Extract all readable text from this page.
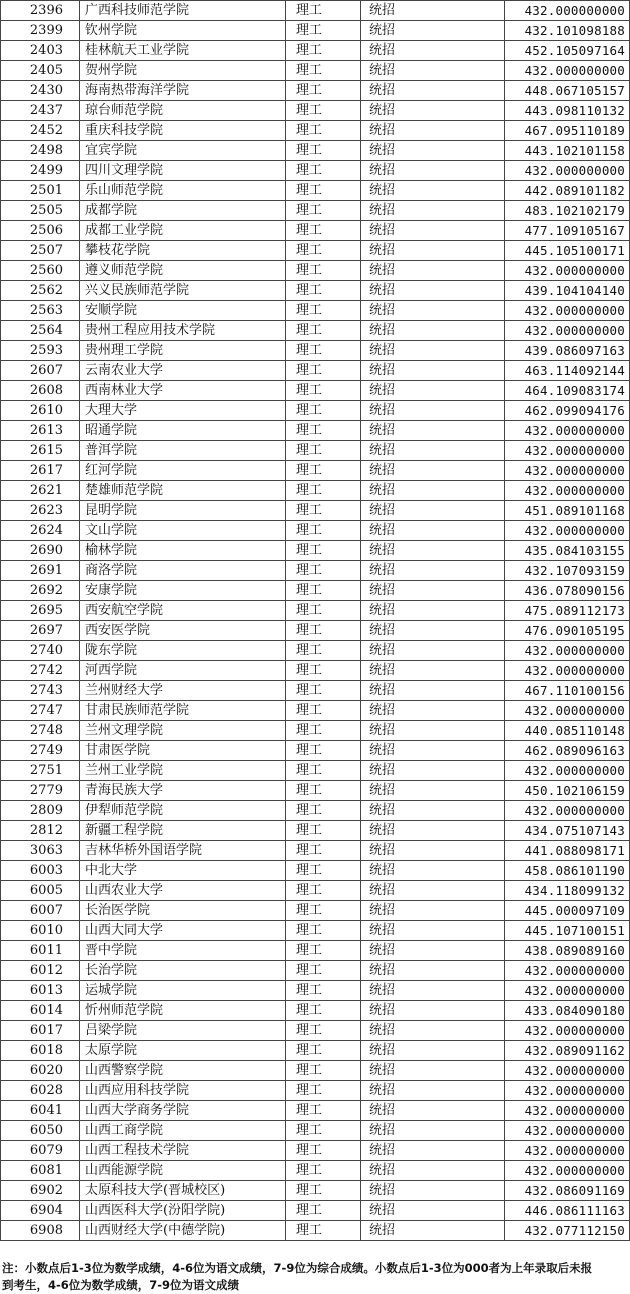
2396	广西科技师范学院	理工	统招	432.000000000
2399	钦州学院	理工	统招	432.101098188
2403	桂林航天工业学院	理工	统招	452.105097164
2405	贺州学院	理工	统招	432.000000000
2430	海南热带海洋学院	理工	统招	448.067105157
2437	琼台师范学院	理工	统招	443.098110132
2452	重庆科技学院	理工	统招	467.095110189
2498	宜宾学院	理工	统招	443.102101158
2499	四川文理学院	理工	统招	432.000000000
2501	乐山师范学院	理工	统招	442.089101182
2505	成都学院	理工	统招	483.102102179
2506	成都工业学院	理工	统招	477.109105167
2507	攀枝花学院	理工	统招	445.105100171
2560	遵义师范学院	理工	统招	432.000000000
2562	兴义民族师范学院	理工	统招	439.104104140
2563	安顺学院	理工	统招	432.000000000
2564	贵州工程应用技术学院	理工	统招	432.000000000
2593	贵州理工学院	理工	统招	439.086097163
2607	云南农业大学	理工	统招	463.114092144
2608	西南林业大学	理工	统招	464.109083174
2610	大理大学	理工	统招	462.099094176
2613	昭通学院	理工	统招	432.000000000
2615	普洱学院	理工	统招	432.000000000
2617	红河学院	理工	统招	432.000000000
2621	楚雄师范学院	理工	统招	432.000000000
2623	昆明学院	理工	统招	451.089101168
2624	文山学院	理工	统招	432.000000000
2690	榆林学院	理工	统招	435.084103155
2691	商洛学院	理工	统招	432.107093159
2692	安康学院	理工	统招	436.078090156
2695	西安航空学院	理工	统招	475.089112173
2697	西安医学院	理工	统招	476.090105195
2740	陇东学院	理工	统招	432.000000000
2742	河西学院	理工	统招	432.000000000
2743	兰州财经大学	理工	统招	467.110100156
2747	甘肃民族师范学院	理工	统招	432.000000000
2748	兰州文理学院	理工	统招	440.085110148
2749	甘肃医学院	理工	统招	462.089096163
2751	兰州工业学院	理工	统招	432.000000000
2779	青海民族大学	理工	统招	450.102106159
2809	伊犁师范学院	理工	统招	432.000000000
2812	新疆工程学院	理工	统招	434.075107143
3063	吉林华桥外国语学院	理工	统招	441.088098171
6003	中北大学	理工	统招	458.086101190
6005	山西农业大学	理工	统招	434.118099132
6007	长治医学院	理工	统招	445.000097109
6010	山西大同大学	理工	统招	445.107100151
6011	晋中学院	理工	统招	438.089089160
6012	长治学院	理工	统招	432.000000000
6013	运城学院	理工	统招	432.000000000
6014	忻州师范学院	理工	统招	433.084090180
6017	吕梁学院	理工	统招	432.000000000
6018	太原学院	理工	统招	432.089091162
6020	山西警察学院	理工	统招	432.000000000
6028	山西应用科技学院	理工	统招	432.000000000
6041	山西大学商务学院	理工	统招	432.000000000
6050	山西工商学院	理工	统招	432.000000000
6079	山西工程技术学院	理工	统招	432.000000000
6081	山西能源学院	理工	统招	432.000000000
6902	太原科技大学(晋城校区)	理工	统招	432.086091169
6904	山西医科大学(汾阳学院)	理工	统招	446.086111163
6908	山西财经大学(中德学院)	理工	统招	432.077112150
注：小数点后1-3位为数学成绩，4-6位为语文成绩，7-9位为综合成绩。小数点后1-3位为000者为上年录取后未报到考生，4-6位为数学成绩，7-9位为语文成绩
